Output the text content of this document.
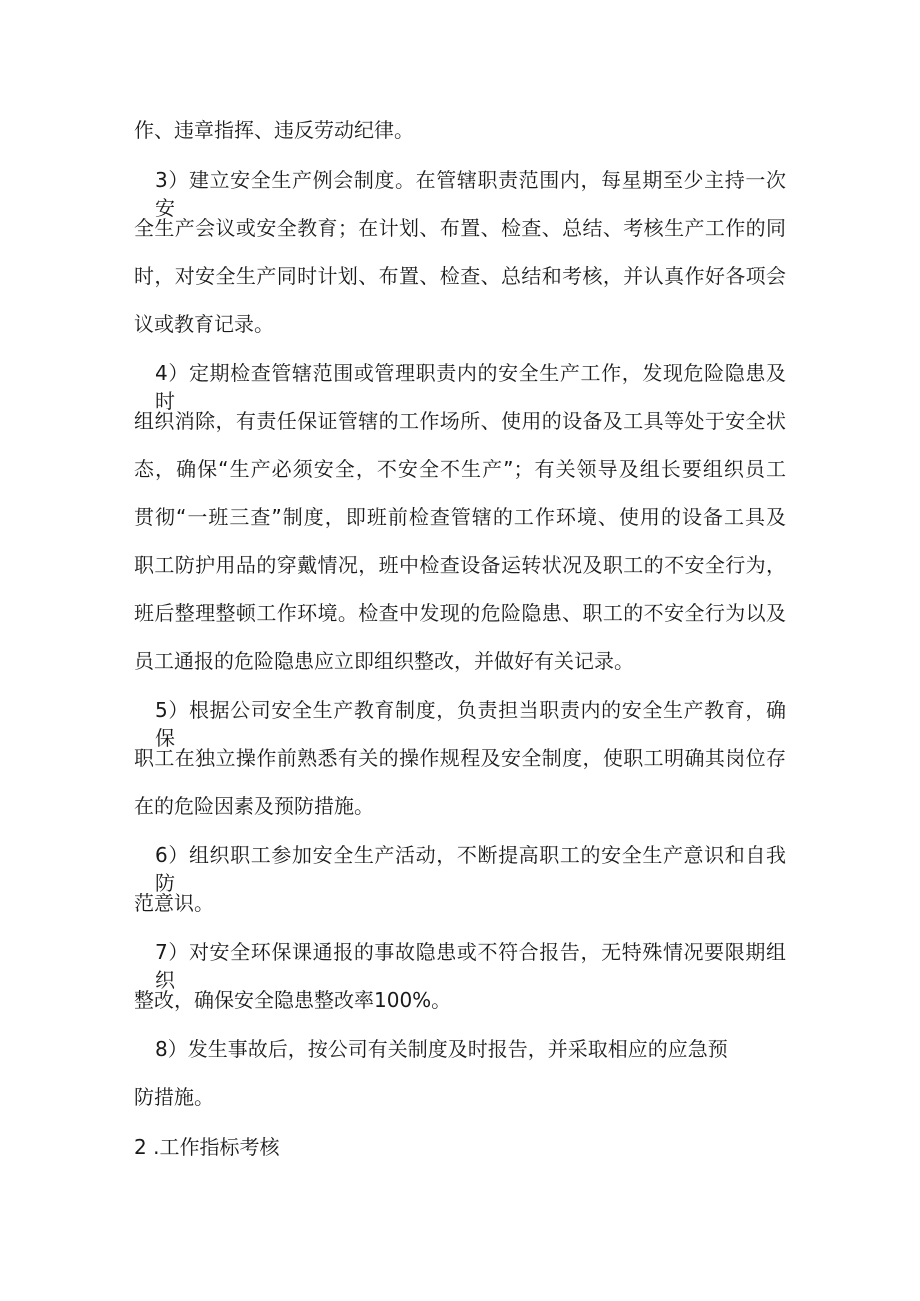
作、违章指挥、违反劳动纪律。
3）建立安全生产例会制度。在管辖职责范围内，每星期至少主持一次安
全生产会议或安全教育；在计划、布置、检查、总结、考核生产工作的同
时，对安全生产同时计划、布置、检查、总结和考核，并认真作好各项会
议或教育记录。
4）定期检查管辖范围或管理职责内的安全生产工作，发现危险隐患及时
组织消除，有责任保证管辖的工作场所、使用的设备及工具等处于安全状
态，确保“生产必须安全，不安全不生产”；有关领导及组长要组织员工
贯彻“一班三查”制度，即班前检查管辖的工作环境、使用的设备工具及
职工防护用品的穿戴情况，班中检查设备运转状况及职工的不安全行为，
班后整理整顿工作环境。检查中发现的危险隐患、职工的不安全行为以及
员工通报的危险隐患应立即组织整改，并做好有关记录。
5）根据公司安全生产教育制度，负责担当职责内的安全生产教育，确保
职工在独立操作前熟悉有关的操作规程及安全制度，使职工明确其岗位存
在的危险因素及预防措施。
6）组织职工参加安全生产活动，不断提高职工的安全生产意识和自我防
范意识。
7）对安全环保课通报的事故隐患或不符合报告，无特殊情况要限期组织
整改，确保安全隐患整改率100%。
8）发生事故后，按公司有关制度及时报告，并采取相应的应急预
防措施。
2 .工作指标考核
